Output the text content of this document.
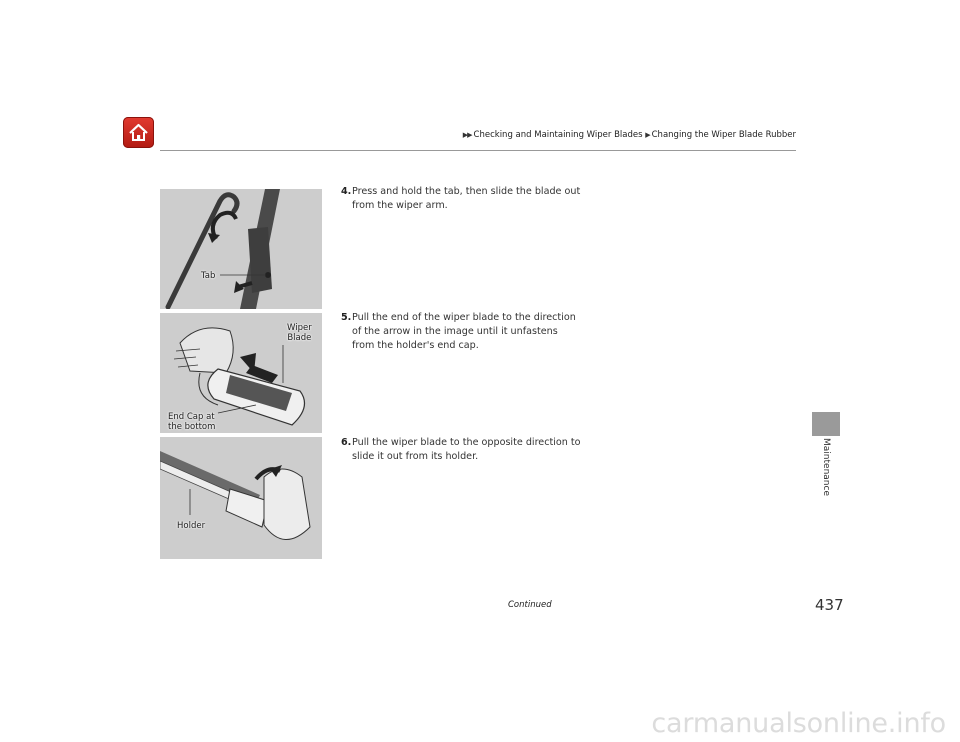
▶▶ Checking and Maintaining Wiper Blades ▶ Changing the Wiper Blade Rubber
Maintenance
Tab
Wiper
Blade
End Cap at
the bottom
Holder
4. Press and hold the tab, then slide the blade out from the wiper arm.
5. Pull the end of the wiper blade to the direction of the arrow in the image until it unfastens from the holder's end cap.
6. Pull the wiper blade to the opposite direction to slide it out from its holder.
Continued	437
carmanualsonline.info
